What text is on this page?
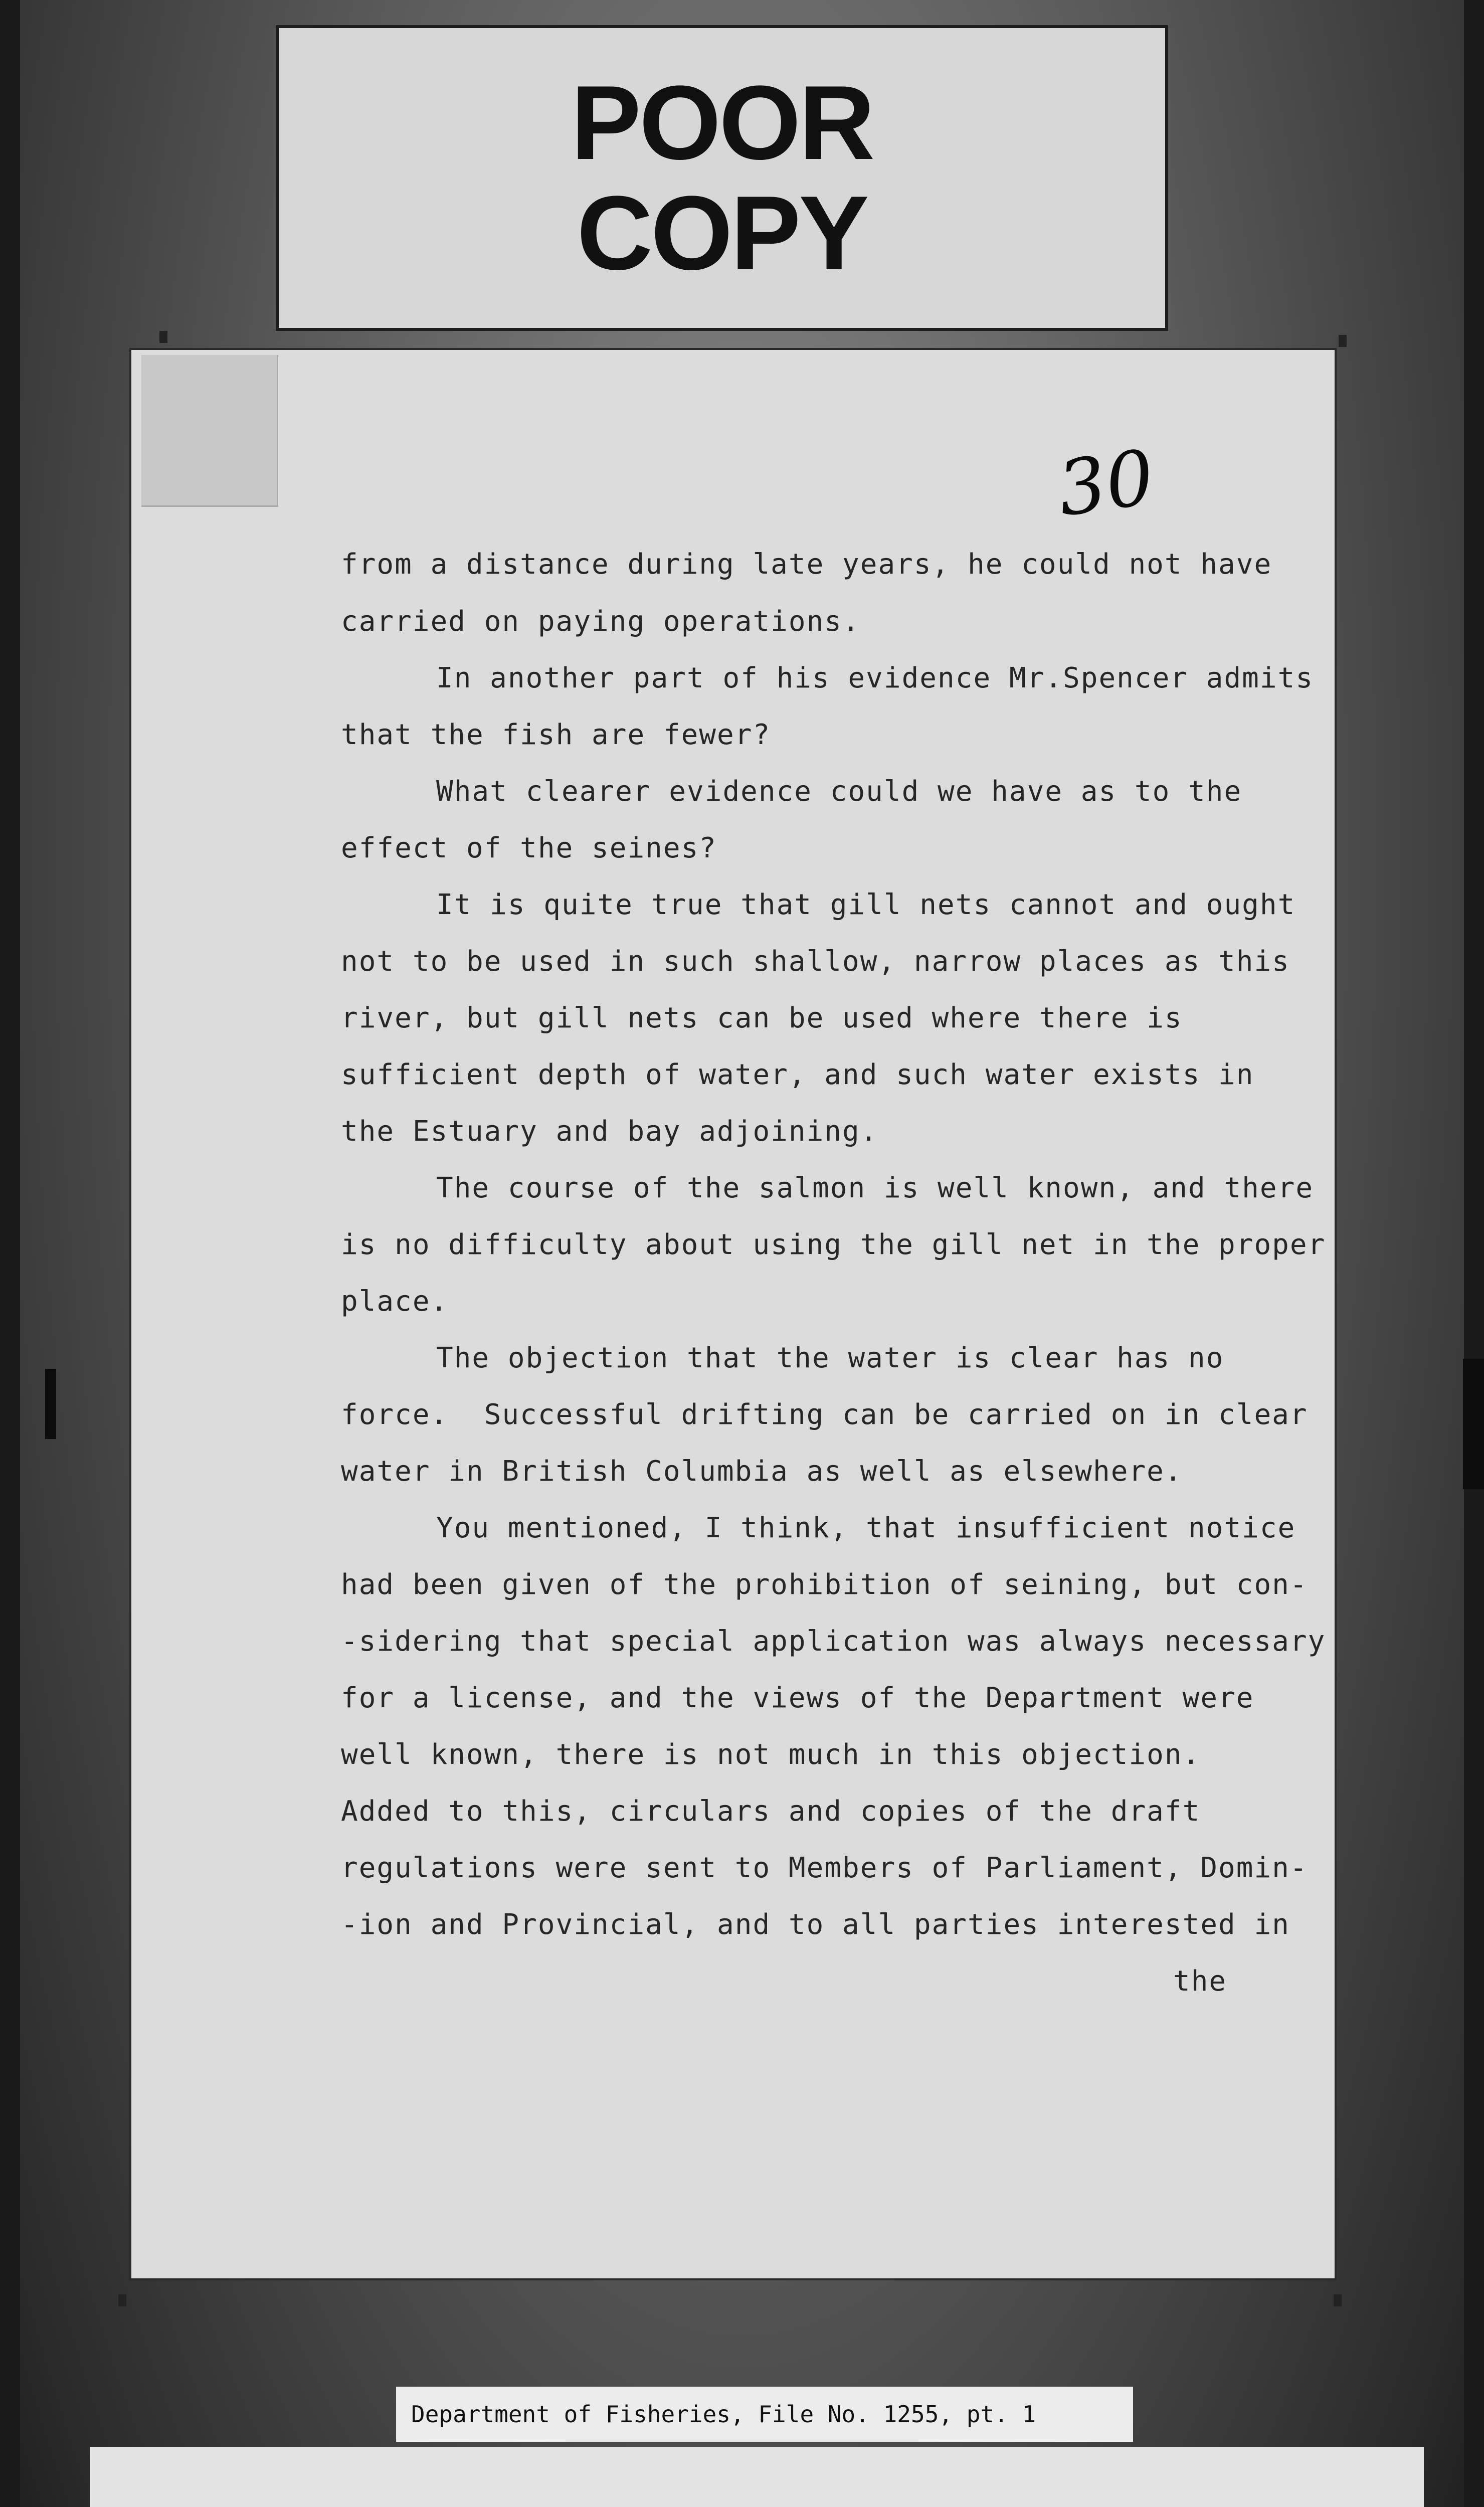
POOR
COPY
30
from a distance during late years, he could not have
carried on paying operations.
In another part of his evidence Mr.Spencer admits
that the fish are fewer?
What clearer evidence could we have as to the
effect of the seines?
It is quite true that gill nets cannot and ought
not to be used in such shallow, narrow places as this
river, but gill nets can be used where there is
sufficient depth of water, and such water exists in
the Estuary and bay adjoining.
The course of the salmon is well known, and there
is no difficulty about using the gill net in the proper
place.
The objection that the water is clear has no
force.  Successful drifting can be carried on in clear
water in British Columbia as well as elsewhere.
You mentioned, I think, that insufficient notice
had been given of the prohibition of seining, but con-
-sidering that special application was always necessary
for a license, and the views of the Department were
well known, there is not much in this objection.
Added to this, circulars and copies of the draft
regulations were sent to Members of Parliament, Domin-
-ion and Provincial, and to all parties interested in
the
Department of Fisheries, File No. 1255, pt. 1
